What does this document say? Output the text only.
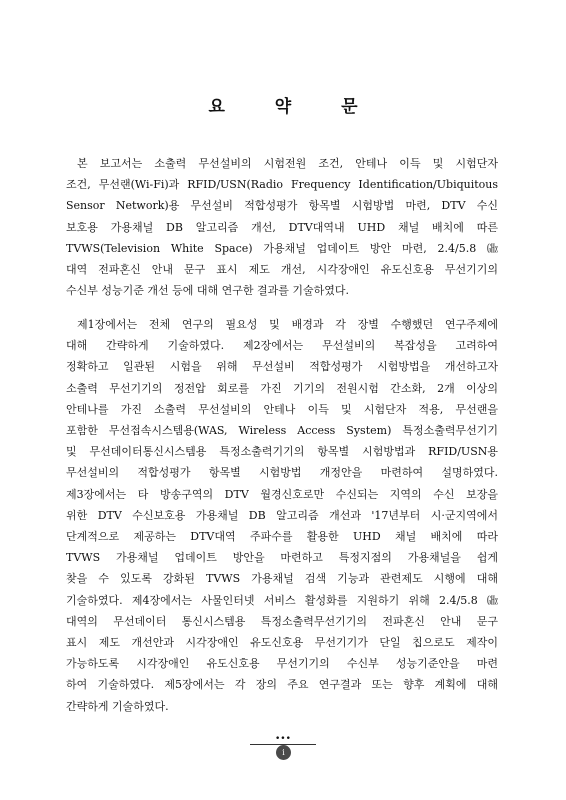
요 약 문
본 보고서는 소출력 무선설비의 시험전원 조건, 안테나 이득 및 시험단자
조건, 무선랜(Wi-Fi)과 RFID/USN(Radio Frequency Identification/Ubiquitous
Sensor Network)용 무선설비 적합성평가 항목별 시험방법 마련, DTV 수신
보호용 가용채널 DB 알고리즘 개선, DTV대역내 UHD 채널 배치에 따른
TVWS(Television White Space) 가용채널 업데이트 방안 마련, 2.4/5.8 ㎓
대역 전파혼신 안내 문구 표시 제도 개선, 시각장애인 유도신호용 무선기기의
수신부 성능기준 개선 등에 대해 연구한 결과를 기술하였다.
제1장에서는 전체 연구의 필요성 및 배경과 각 장별 수행했던 연구주제에
대해 간략하게 기술하였다. 제2장에서는 무선설비의 복잡성을 고려하여
정확하고 일관된 시험을 위해 무선설비 적합성평가 시험방법을 개선하고자
소출력 무선기기의 정전압 회로를 가진 기기의 전원시험 간소화, 2개 이상의
안테나를 가진 소출력 무선설비의 안테나 이득 및 시험단자 적용, 무선랜을
포함한 무선접속시스템용(WAS, Wireless Access System) 특정소출력무선기기
및 무선데이터통신시스템용 특정소출력기기의 항목별 시험방법과 RFID/USN용
무선설비의 적합성평가 항목별 시험방법 개정안을 마련하여 설명하였다.
제3장에서는 타 방송구역의 DTV 월경신호로만 수신되는 지역의 수신 보장을
위한 DTV 수신보호용 가용채널 DB 알고리즘 개선과 '17년부터 시·군지역에서
단계적으로 제공하는 DTV대역 주파수를 활용한 UHD 채널 배치에 따라
TVWS 가용채널 업데이트 방안을 마련하고 특정지점의 가용채널을 쉽게
찾을 수 있도록 강화된 TVWS 가용채널 검색 기능과 관련제도 시행에 대해
기술하였다. 제4장에서는 사물인터넷 서비스 활성화를 지원하기 위해 2.4/5.8 ㎓
대역의 무선데이터 통신시스템용 특정소출력무선기기의 전파혼신 안내 문구
표시 제도 개선안과 시각장애인 유도신호용 무선기기가 단일 칩으로도 제작이
가능하도록 시각장애인 유도신호용 무선기기의 수신부 성능기준안을 마련
하여 기술하였다. 제5장에서는 각 장의 주요 연구결과 또는 향후 계획에 대해
간략하게 기술하였다.
•••
i
